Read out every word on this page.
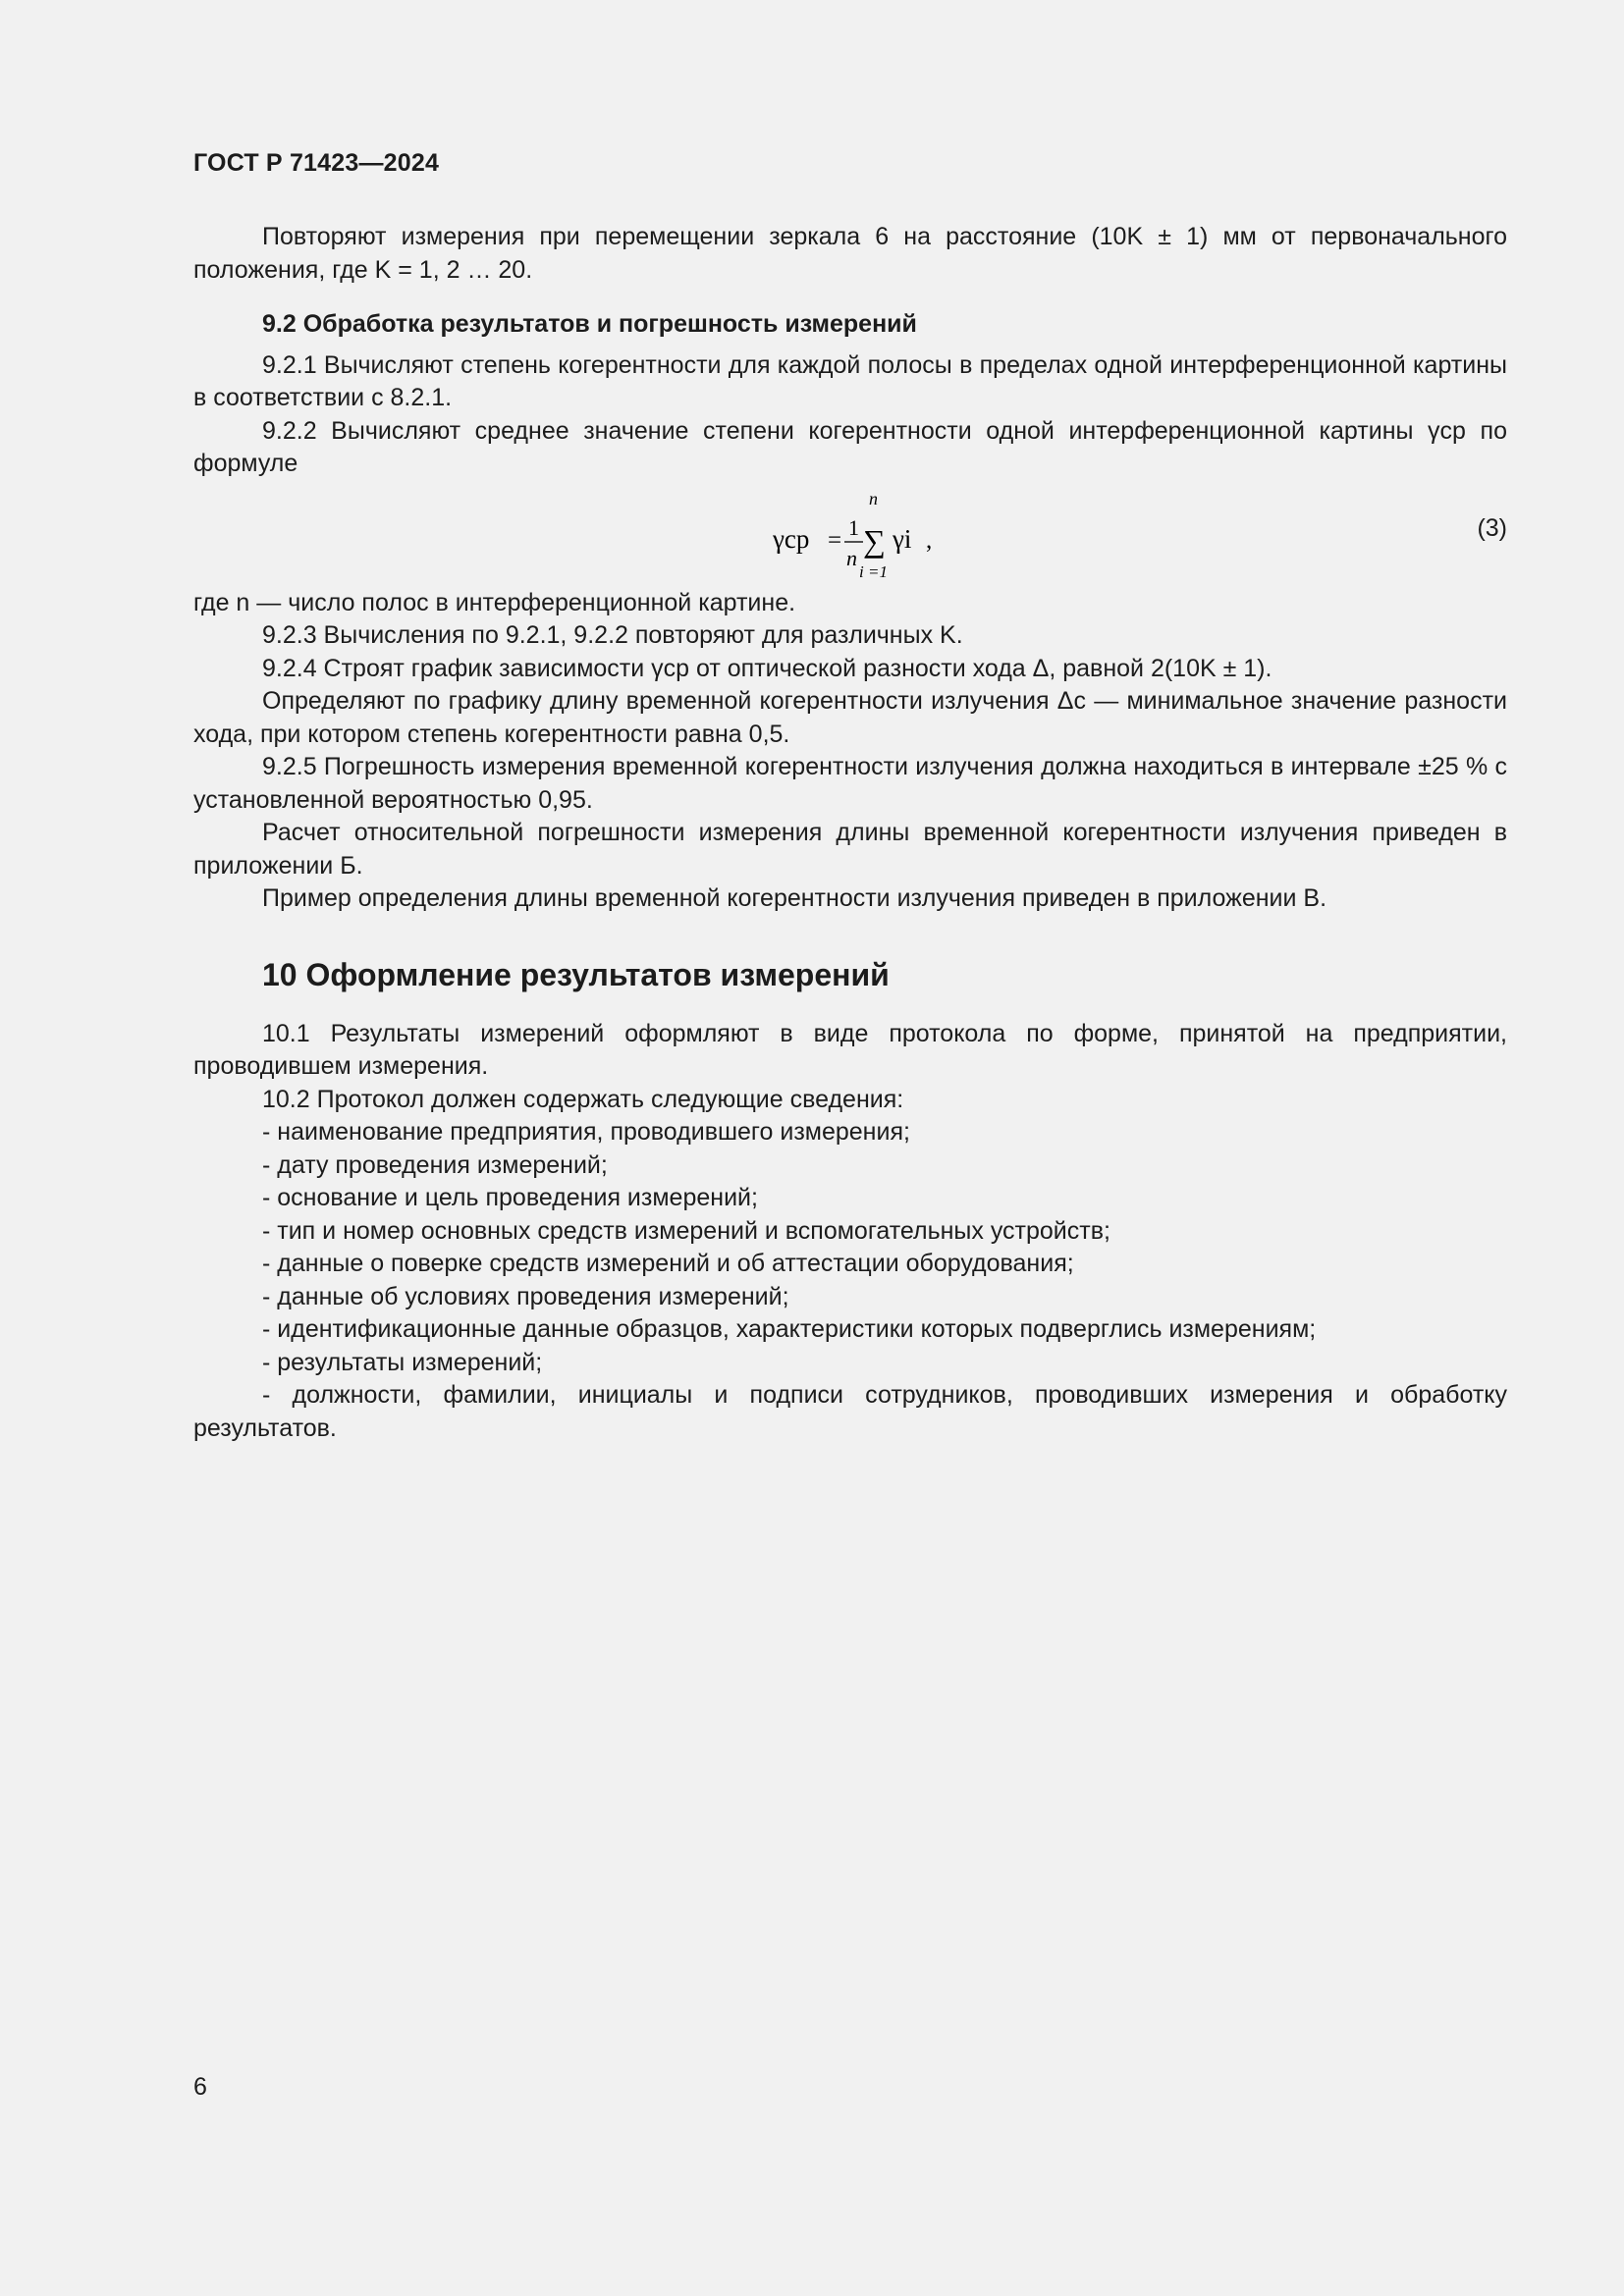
ГОСТ Р 71423—2024

Повторяют измерения при перемещении зеркала 6 на расстояние (10K ± 1) мм от первоначального положения, где K = 1, 2 … 20.

9.2 Обработка результатов и погрешность измерений

9.2.1 Вычисляют степень когерентности для каждой полосы в пределах одной интерференционной картины в соответствии с 8.2.1.

9.2.2 Вычисляют среднее значение степени когерентности одной интерференционной картины γcp по формуле

γcp = 1
n
n
∑
i =1
γi ,	(3)

где n — число полос в интерференционной картине.

9.2.3 Вычисления по 9.2.1, 9.2.2 повторяют для различных K.

9.2.4 Строят график зависимости γcp от оптической разности хода Δ, равной 2(10K ± 1).

Определяют по графику длину временной когерентности излучения Δc — минимальное значение разности хода, при котором степень когерентности равна 0,5.

9.2.5 Погрешность измерения временной когерентности излучения должна находиться в интервале ±25 % с установленной вероятностью 0,95.

Расчет относительной погрешности измерения длины временной когерентности излучения приведен в приложении Б.

Пример определения длины временной когерентности излучения приведен в приложении В.

10 Оформление результатов измерений

10.1 Результаты измерений оформляют в виде протокола по форме, принятой на предприятии, проводившем измерения.

10.2 Протокол должен содержать следующие сведения:

- наименование предприятия, проводившего измерения;

- дату проведения измерений;

- основание и цель проведения измерений;

- тип и номер основных средств измерений и вспомогательных устройств;

- данные о поверке средств измерений и об аттестации оборудования;

- данные об условиях проведения измерений;

- идентификационные данные образцов, характеристики которых подверглись измерениям;

- результаты измерений;

- должности, фамилии, инициалы и подписи сотрудников, проводивших измерения и обработку результатов.

6
